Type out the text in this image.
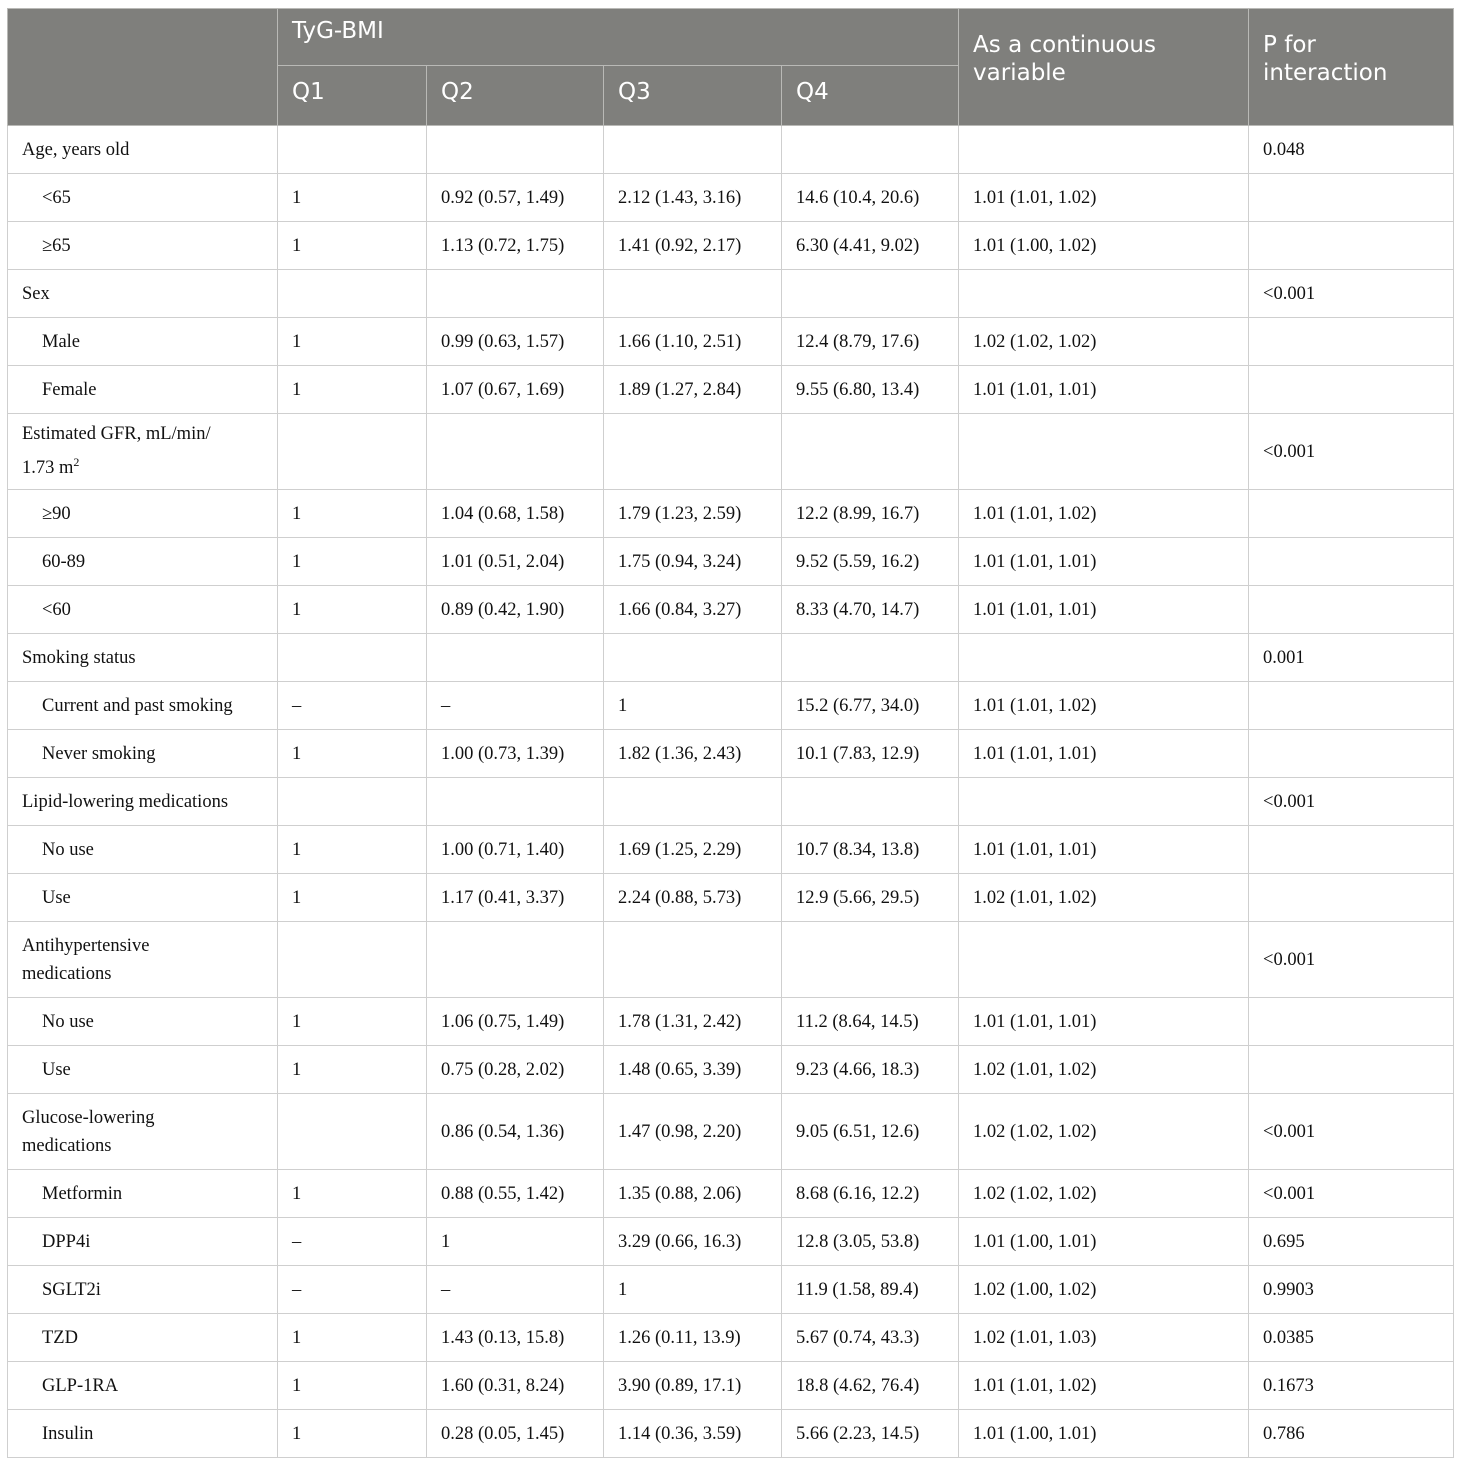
	TyG-BMI				As a continuous variable	P for interaction
	Q1	Q2	Q3	Q4		
Age, years old						0.048
<65	1	0.92 (0.57, 1.49)	2.12 (1.43, 3.16)	14.6 (10.4, 20.6)	1.01 (1.01, 1.02)	
≥65	1	1.13 (0.72, 1.75)	1.41 (0.92, 2.17)	6.30 (4.41, 9.02)	1.01 (1.00, 1.02)	
Sex						<0.001
Male	1	0.99 (0.63, 1.57)	1.66 (1.10, 2.51)	12.4 (8.79, 17.6)	1.02 (1.02, 1.02)	
Female	1	1.07 (0.67, 1.69)	1.89 (1.27, 2.84)	9.55 (6.80, 13.4)	1.01 (1.01, 1.01)	
Estimated GFR, mL/min/
1.73 $m^2$						<0.001
≥90	1	1.04 (0.68, 1.58)	1.79 (1.23, 2.59)	12.2 (8.99, 16.7)	1.01 (1.01, 1.02)	
60-89	1	1.01 (0.51, 2.04)	1.75 (0.94, 3.24)	9.52 (5.59, 16.2)	1.01 (1.01, 1.01)	
<60	1	0.89 (0.42, 1.90)	1.66 (0.84, 3.27)	8.33 (4.70, 14.7)	1.01 (1.01, 1.01)	
Smoking status						0.001
Current and past smoking	–	–	1	15.2 (6.77, 34.0)	1.01 (1.01, 1.02)	
Never smoking	1	1.00 (0.73, 1.39)	1.82 (1.36, 2.43)	10.1 (7.83, 12.9)	1.01 (1.01, 1.01)	
Lipid-lowering medications						<0.001
No use	1	1.00 (0.71, 1.40)	1.69 (1.25, 2.29)	10.7 (8.34, 13.8)	1.01 (1.01, 1.01)	
Use	1	1.17 (0.41, 3.37)	2.24 (0.88, 5.73)	12.9 (5.66, 29.5)	1.02 (1.01, 1.02)	
Antihypertensive medications						<0.001
No use	1	1.06 (0.75, 1.49)	1.78 (1.31, 2.42)	11.2 (8.64, 14.5)	1.01 (1.01, 1.01)	
Use	1	0.75 (0.28, 2.02)	1.48 (0.65, 3.39)	9.23 (4.66, 18.3)	1.02 (1.01, 1.02)	
Glucose-lowering medications		0.86 (0.54, 1.36)	1.47 (0.98, 2.20)	9.05 (6.51, 12.6)	1.02 (1.02, 1.02)	<0.001
Metformin	1	0.88 (0.55, 1.42)	1.35 (0.88, 2.06)	8.68 (6.16, 12.2)	1.02 (1.02, 1.02)	<0.001
DPP4i	–	1	3.29 (0.66, 16.3)	12.8 (3.05, 53.8)	1.01 (1.00, 1.01)	0.695
SGLT2i	–	–	1	11.9 (1.58, 89.4)	1.02 (1.00, 1.02)	0.9903
TZD	1	1.43 (0.13, 15.8)	1.26 (0.11, 13.9)	5.67 (0.74, 43.3)	1.02 (1.01, 1.03)	0.0385
GLP-1RA	1	1.60 (0.31, 8.24)	3.90 (0.89, 17.1)	18.8 (4.62, 76.4)	1.01 (1.01, 1.02)	0.1673
Insulin	1	0.28 (0.05, 1.45)	1.14 (0.36, 3.59)	5.66 (2.23, 14.5)	1.01 (1.00, 1.01)	0.786
